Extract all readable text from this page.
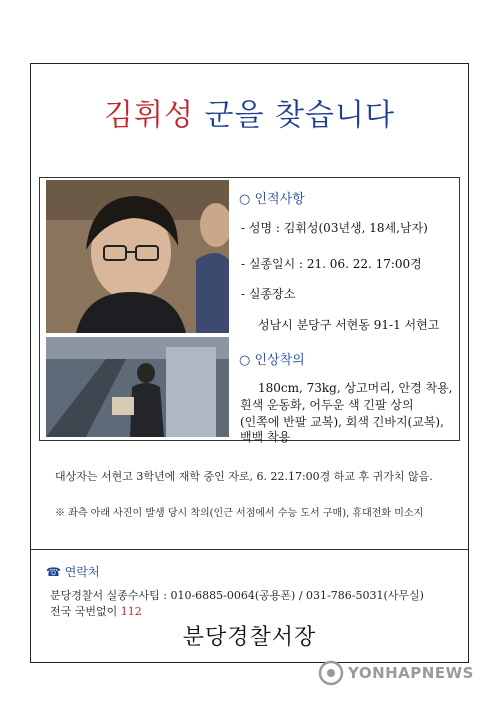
김휘성 군을 찾습니다
○ 인적사항
- 성명 : 김휘성(03년생, 18세,남자)
- 실종일시 : 21. 06. 22. 17:00경
- 실종장소
성남시 분당구 서현동 91-1 서현고
○ 인상착의
180cm, 73kg, 상고머리, 안경 착용,
흰색 운동화, 어두운 색 긴팔 상의
(인쪽에 반팔 교복), 회색 긴바지(교복),
백백 착용
대상자는 서현고 3학년에 재학 중인 자로, 6. 22.17:00경 하교 후 귀가치 않음.
※ 좌측 아래 사진이 발생 당시 착의(인근 서점에서 수능 도서 구매), 휴대전화 미소지
☎ 연락처
분당경찰서 실종수사팀 : 010-6885-0064(공용폰) / 031-786-5031(사무실)
전국 국번없이 112
분당경찰서장
YONHAPNEWS
